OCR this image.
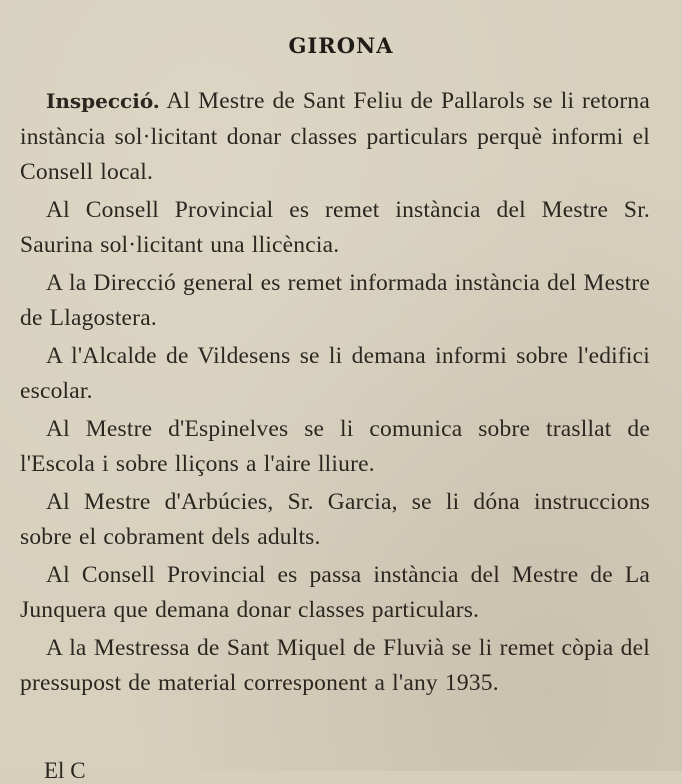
GIRONA

Inspecció. Al Mestre de Sant Feliu de Pallarols se li retorna instància sol·licitant donar classes particulars perquè informi el Consell local.

Al Consell Provincial es remet instància del Mestre Sr. Saurina sol·licitant una llicència.

A la Direcció general es remet informada instància del Mestre de Llagostera.

A l'Alcalde de Vildesens se li demana informi sobre l'edifici escolar.

Al Mestre d'Espinelves se li comunica sobre trasllat de l'Escola i sobre lliçons a l'aire lliure.

Al Mestre d'Arbúcies, Sr. Garcia, se li dóna instruccions sobre el cobrament dels adults.

Al Consell Provincial es passa instància del Mestre de La Junquera que demana donar classes particulars.

A la Mestressa de Sant Miquel de Fluvià se li remet còpia del pressupost de material corresponent a l'any 1935.

El C
